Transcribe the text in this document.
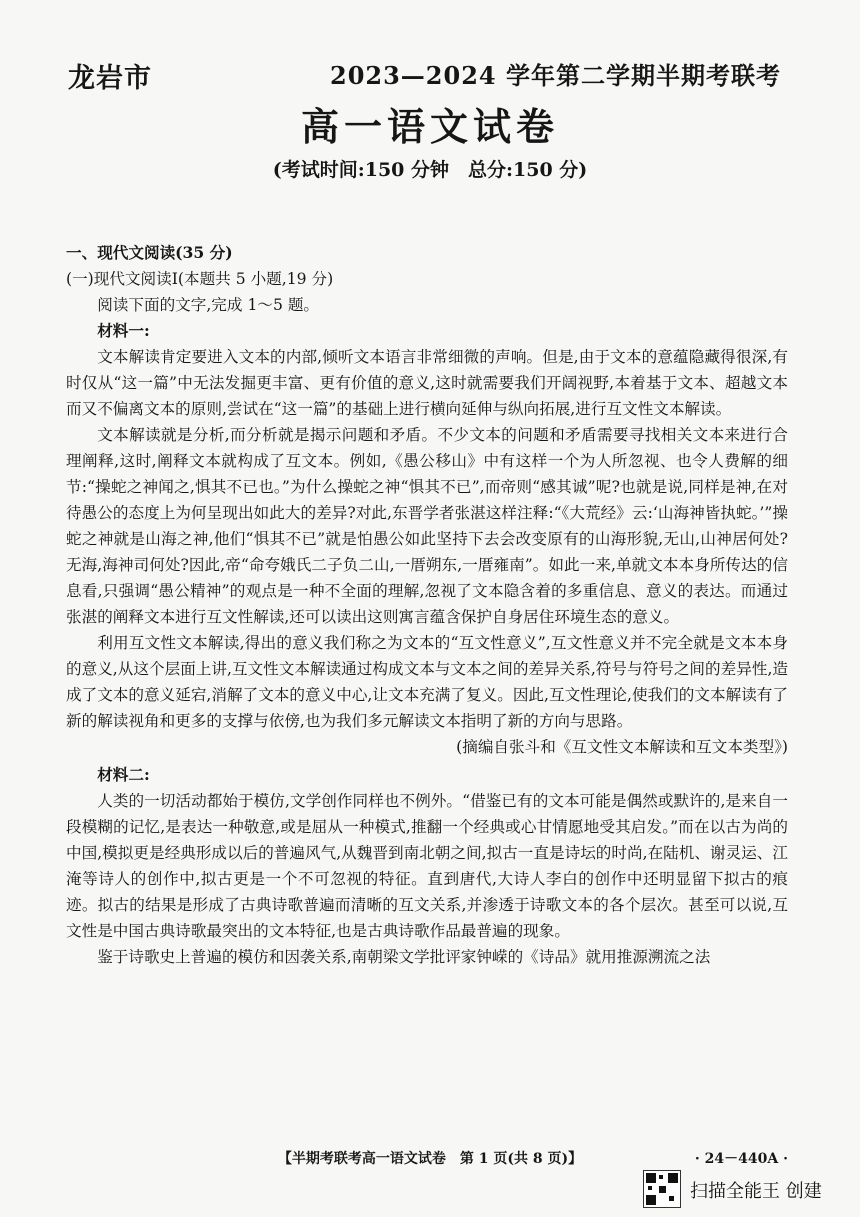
龙岩市	2023—2024 学年第二学期半期考联考
高一语文试卷
(考试时间:150 分钟　总分:150 分)

一、现代文阅读(35 分)

(一)现代文阅读Ⅰ(本题共 5 小题,19 分)

阅读下面的文字,完成 1～5 题。

材料一:

文本解读肯定要进入文本的内部,倾听文本语言非常细微的声响。但是,由于文本的意蕴隐藏得很深,有时仅从“这一篇”中无法发掘更丰富、更有价值的意义,这时就需要我们开阔视野,本着基于文本、超越文本而又不偏离文本的原则,尝试在“这一篇”的基础上进行横向延伸与纵向拓展,进行互文性文本解读。

文本解读就是分析,而分析就是揭示问题和矛盾。不少文本的问题和矛盾需要寻找相关文本来进行合理阐释,这时,阐释文本就构成了互文本。例如,《愚公移山》中有这样一个为人所忽视、也令人费解的细节:“操蛇之神闻之,惧其不已也。”为什么操蛇之神“惧其不已”,而帝则“感其诚”呢?也就是说,同样是神,在对待愚公的态度上为何呈现出如此大的差异?对此,东晋学者张湛这样注释:“《大荒经》云:‘山海神皆执蛇。’”操蛇之神就是山海之神,他们“惧其不已”就是怕愚公如此坚持下去会改变原有的山海形貌,无山,山神居何处?无海,海神司何处?因此,帝“命夸娥氏二子负二山,一厝朔东,一厝雍南”。如此一来,单就文本本身所传达的信息看,只强调“愚公精神”的观点是一种不全面的理解,忽视了文本隐含着的多重信息、意义的表达。而通过张湛的阐释文本进行互文性解读,还可以读出这则寓言蕴含保护自身居住环境生态的意义。

利用互文性文本解读,得出的意义我们称之为文本的“互文性意义”,互文性意义并不完全就是文本本身的意义,从这个层面上讲,互文性文本解读通过构成文本与文本之间的差异关系,符号与符号之间的差异性,造成了文本的意义延宕,消解了文本的意义中心,让文本充满了复义。因此,互文性理论,使我们的文本解读有了新的解读视角和更多的支撑与依傍,也为我们多元解读文本指明了新的方向与思路。

(摘编自张斗和《互文性文本解读和互文本类型》)

材料二:

人类的一切活动都始于模仿,文学创作同样也不例外。“借鉴已有的文本可能是偶然或默许的,是来自一段模糊的记忆,是表达一种敬意,或是屈从一种模式,推翻一个经典或心甘情愿地受其启发。”而在以古为尚的中国,模拟更是经典形成以后的普遍风气,从魏晋到南北朝之间,拟古一直是诗坛的时尚,在陆机、谢灵运、江淹等诗人的创作中,拟古更是一个不可忽视的特征。直到唐代,大诗人李白的创作中还明显留下拟古的痕迹。拟古的结果是形成了古典诗歌普遍而清晰的互文关系,并渗透于诗歌文本的各个层次。甚至可以说,互文性是中国古典诗歌最突出的文本特征,也是古典诗歌作品最普遍的现象。

鉴于诗歌史上普遍的模仿和因袭关系,南朝梁文学批评家钟嵘的《诗品》就用推源溯流之法

【半期考联考高一语文试卷　第 1 页(共 8 页)】	· 24－440A ·
扫描全能王 创建
